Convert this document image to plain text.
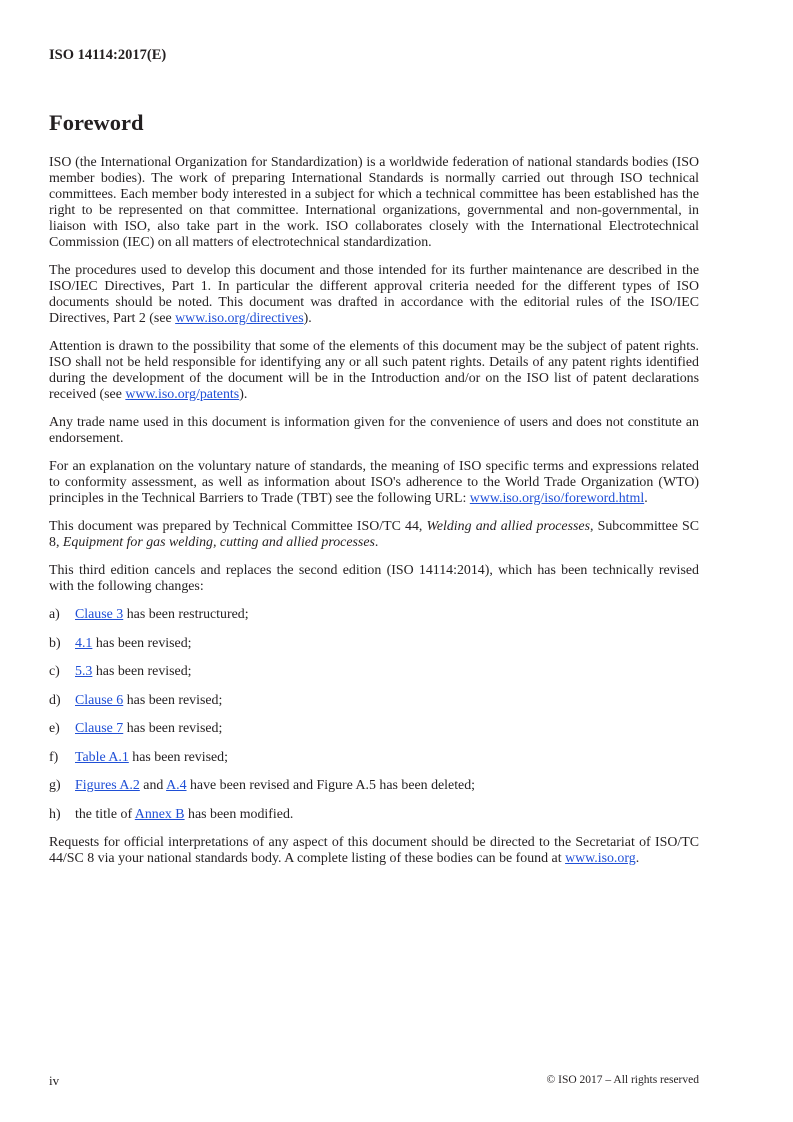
ISO 14114:2017(E)
Foreword

ISO (the International Organization for Standardization) is a worldwide federation of national standards bodies (ISO member bodies). The work of preparing International Standards is normally carried out through ISO technical committees. Each member body interested in a subject for which a technical committee has been established has the right to be represented on that committee. International organizations, governmental and non-governmental, in liaison with ISO, also take part in the work. ISO collaborates closely with the International Electrotechnical Commission (IEC) on all matters of electrotechnical standardization.

The procedures used to develop this document and those intended for its further maintenance are described in the ISO/IEC Directives, Part 1. In particular the different approval criteria needed for the different types of ISO documents should be noted. This document was drafted in accordance with the editorial rules of the ISO/IEC Directives, Part 2 (see www.iso.org/directives).

Attention is drawn to the possibility that some of the elements of this document may be the subject of patent rights. ISO shall not be held responsible for identifying any or all such patent rights. Details of any patent rights identified during the development of the document will be in the Introduction and/or on the ISO list of patent declarations received (see www.iso.org/patents).

Any trade name used in this document is information given for the convenience of users and does not constitute an endorsement.

For an explanation on the voluntary nature of standards, the meaning of ISO specific terms and expressions related to conformity assessment, as well as information about ISO's adherence to the World Trade Organization (WTO) principles in the Technical Barriers to Trade (TBT) see the following URL: www.iso.org/iso/foreword.html.

This document was prepared by Technical Committee ISO/TC 44, Welding and allied processes, Subcommittee SC 8, Equipment for gas welding, cutting and allied processes.

This third edition cancels and replaces the second edition (ISO 14114:2014), which has been technically revised with the following changes:

a)	Clause 3 has been restructured;
b)	4.1 has been revised;
c)	5.3 has been revised;
d)	Clause 6 has been revised;
e)	Clause 7 has been revised;
f)	Table A.1 has been revised;
g)	Figures A.2 and A.4 have been revised and Figure A.5 has been deleted;
h)	the title of Annex B has been modified.

Requests for official interpretations of any aspect of this document should be directed to the Secretariat of ISO/TC 44/SC 8 via your national standards body. A complete listing of these bodies can be found at www.iso.org.

iv	© ISO 2017 – All rights reserved
